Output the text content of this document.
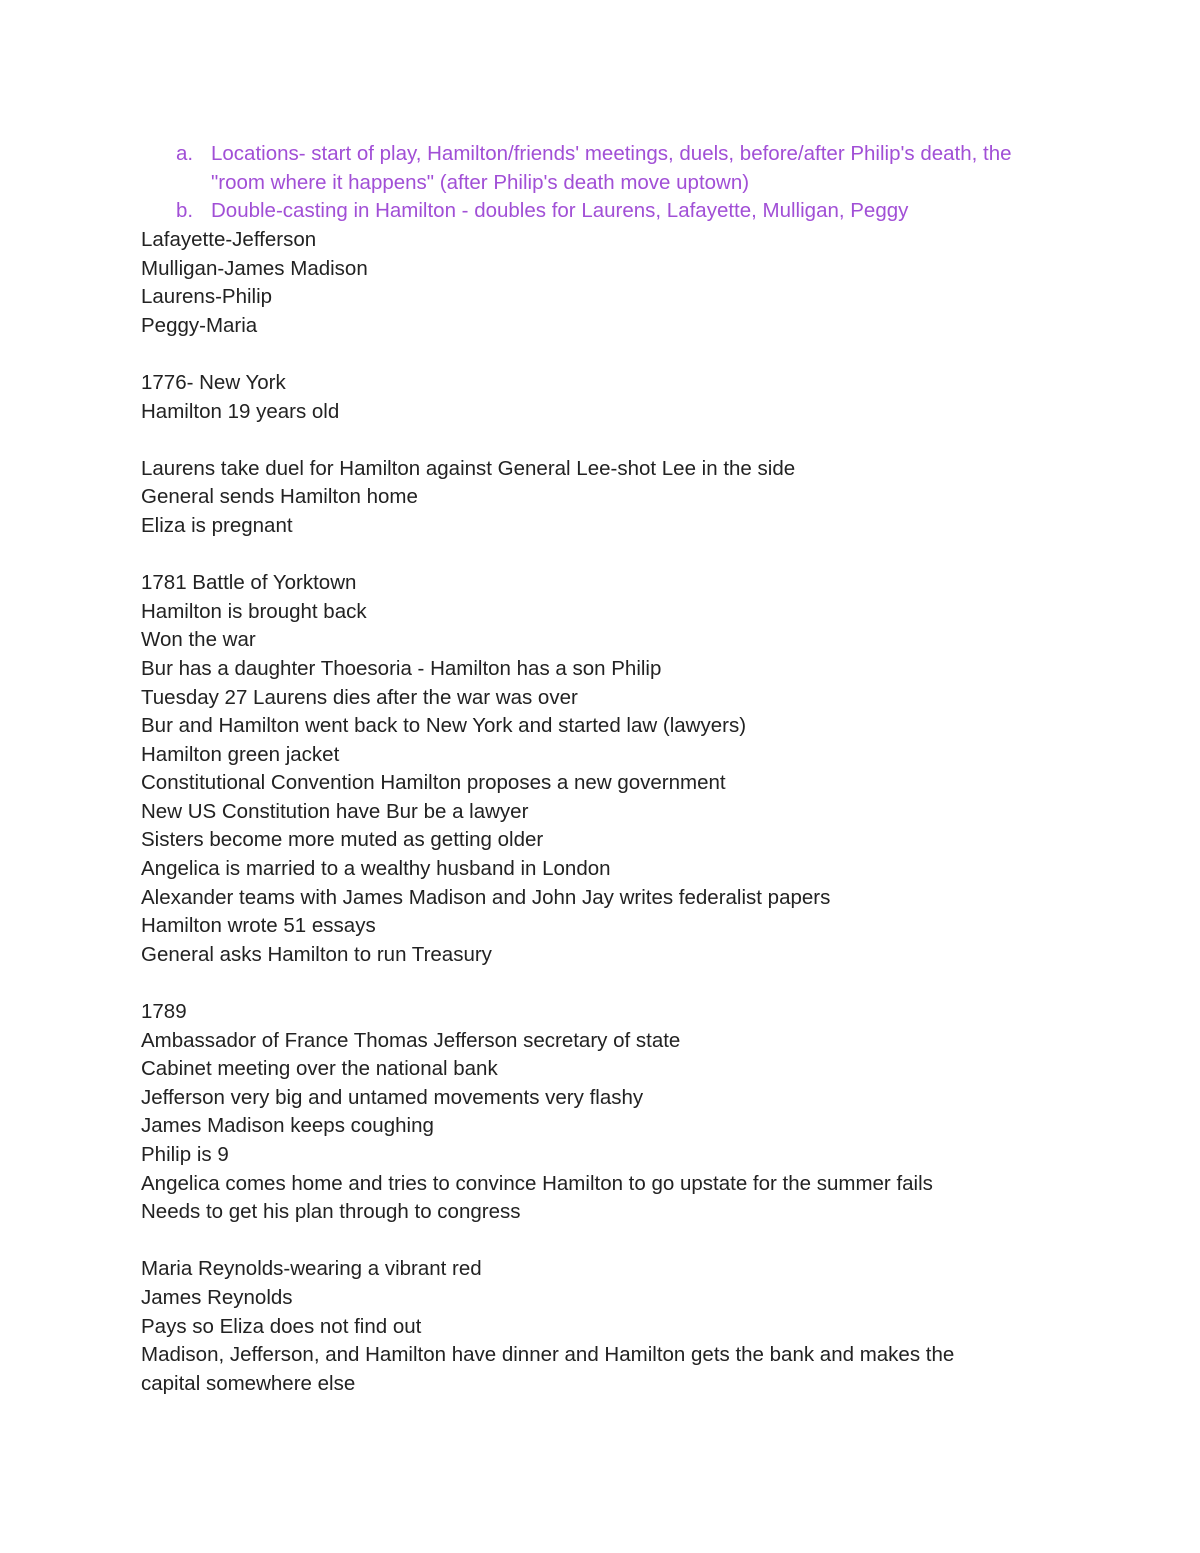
a. Locations- start of play, Hamilton/friends' meetings, duels, before/after Philip's death, the "room where it happens" (after Philip's death move uptown)
b. Double-casting in Hamilton - doubles for Laurens, Lafayette, Mulligan, Peggy
Lafayette-Jefferson
Mulligan-James Madison
Laurens-Philip
Peggy-Maria
1776- New York
Hamilton 19 years old
Laurens take duel for Hamilton against General Lee-shot Lee in the side
General sends Hamilton home
Eliza is pregnant
1781 Battle of Yorktown
Hamilton is brought back
Won the war
Bur has a daughter Thoesoria - Hamilton has a son Philip
Tuesday 27 Laurens dies after the war was over
Bur and Hamilton went back to New York and started law (lawyers)
Hamilton green jacket
Constitutional Convention Hamilton proposes a new government
New US Constitution have Bur be a lawyer
Sisters become more muted as getting older
Angelica is married to a wealthy husband in London
Alexander teams with James Madison and John Jay writes federalist papers
Hamilton wrote 51 essays
General asks Hamilton to run Treasury
1789
Ambassador of France Thomas Jefferson secretary of state
Cabinet meeting over the national bank
Jefferson very big and untamed movements very flashy
James Madison keeps coughing
Philip is 9
Angelica comes home and tries to convince Hamilton to go upstate for the summer fails
Needs to get his plan through to congress
Maria Reynolds-wearing a vibrant red
James Reynolds
Pays so Eliza does not find out
Madison, Jefferson, and Hamilton have dinner and Hamilton gets the bank and makes the capital somewhere else
